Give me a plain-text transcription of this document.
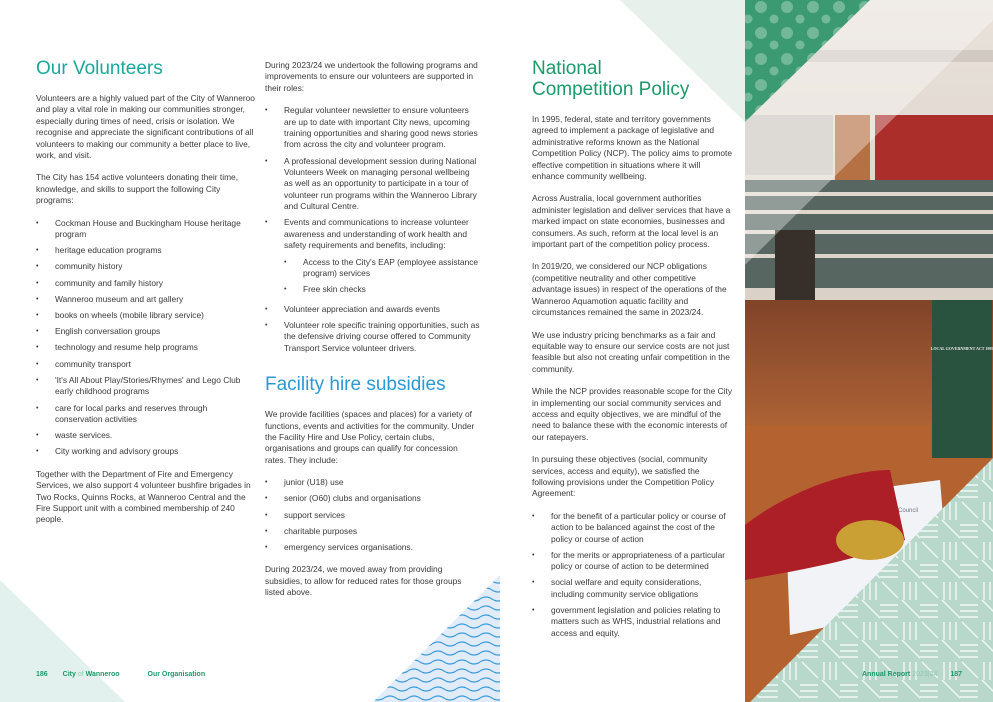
LOCAL GOVERNMENT ACT 1995
Council
Our Volunteers

Volunteers are a highly valued part of the City of Wanneroo and play a vital role in making our communities stronger, especially during times of need, crisis or isolation. We recognise and appreciate the significant contributions of all volunteers to making our community a better place to live, work, and visit.

The City has 154 active volunteers donating their time, knowledge, and skills to support the following City programs:

• Cockman House and Buckingham House heritage program
• heritage education programs
• community history
• community and family history
• Wanneroo museum and art gallery
• books on wheels (mobile library service)
• English conversation groups
• technology and resume help programs
• community transport
• 'It's All About Play/Stories/Rhymes' and Lego Club early childhood programs
• care for local parks and reserves through conservation activities
• waste services.
• City working and advisory groups

Together with the Department of Fire and Emergency Services, we also support 4 volunteer bushfire brigades in Two Rocks, Quinns Rocks, at Wanneroo Central and the Fire Support unit with a combined membership of 240 people.

During 2023/24 we undertook the following programs and improvements to ensure our volunteers are supported in their roles:

• Regular volunteer newsletter to ensure volunteers are up to date with important City news, upcoming training opportunities and sharing good news stories from across the city and volunteer program.
• A professional development session during National Volunteers Week on managing personal wellbeing as well as an opportunity to participate in a tour of volunteer run programs within the Wanneroo Library and Cultural Centre.
• Events and communications to increase volunteer awareness and understanding of work health and safety requirements and benefits, including:
• Access to the City's EAP (employee assistance program) services
• Free skin checks
• Volunteer appreciation and awards events
• Volunteer role specific training opportunities, such as the defensive driving course offered to Community Transport Service volunteer drivers.
Facility hire subsidies

We provide facilities (spaces and places) for a variety of functions, events and activities for the community. Under the Facility Hire and Use Policy, certain clubs, organisations and groups can qualify for concession rates. They include:

• junior (U18) use
• senior (O60) clubs and organisations
• support services
• charitable purposes
• emergency services organisations.

During 2023/24, we moved away from providing subsidies, to allow for reduced rates for those groups listed above.

National
Competition Policy

In 1995, federal, state and territory governments agreed to implement a package of legislative and administrative reforms known as the National Competition Policy (NCP). The policy aims to promote effective competition in situations where it will enhance community wellbeing.

Across Australia, local government authorities administer legislation and deliver services that have a marked impact on state economies, businesses and consumers. As such, reform at the local level is an important part of the competition policy process.

In 2019/20, we considered our NCP obligations (competitive neutrality and other competitive advantage issues) in respect of the operations of the Wanneroo Aquamotion aquatic facility and circumstances remained the same in 2023/24.

We use industry pricing benchmarks as a fair and equitable way to ensure our service costs are not just feasible but also not creating unfair competition in the community.

While the NCP provides reasonable scope for the City in implementing our social community services and access and equity objectives, we are mindful of the need to balance these with the economic interests of our ratepayers.

In pursuing these objectives (social, community services, access and equity), we satisfied the following provisions under the Competition Policy Agreement:

• for the benefit of a particular policy or course of action to be balanced against the cost of the policy or course of action
• for the merits or appropriateness of a particular policy or course of action to be determined
• social welfare and equity considerations, including community service obligations
• government legislation and policies relating to matters such as WHS, industrial relations and access and equity.
186 City of Wanneroo	Our Organisation	Annual Report 2023|24 187
